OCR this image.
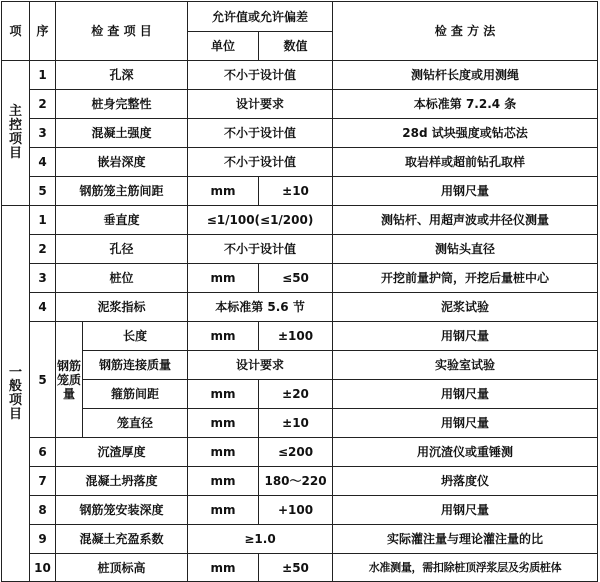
项	序	检 查 项 目		允许值或允许偏差		检 查 方 法
				单位	数值	
主控项目	1	孔深		不小于设计值		测钻杆长度或用测绳
	2	桩身完整性		设计要求		本标准第 7.2.4 条
	3	混凝土强度		不小于设计值		28d 试块强度或钻芯法
	4	嵌岩深度		不小于设计值		取岩样或超前钻孔取样
	5	钢筋笼主筋间距		mm	±10	用钢尺量
一般项目	1	垂直度		≤1/100(≤1/200)		测钻杆、用超声波或井径仪测量
	2	孔径		不小于设计值		测钻头直径
	3	桩位		mm	≤50	开挖前量护筒，开挖后量桩中心
	4	泥浆指标		本标准第 5.6 节		泥浆试验
	5	钢筋笼质量	长度	mm	±100	用钢尺量
			钢筋连接质量	设计要求		实验室试验
			箍筋间距	mm	±20	用钢尺量
			笼直径	mm	±10	用钢尺量
	6	沉渣厚度		mm	≤200	用沉渣仪或重锤测
	7	混凝土坍落度		mm	180～220	坍落度仪
	8	钢筋笼安装深度		mm	+100	用钢尺量
	9	混凝土充盈系数		≥1.0		实际灌注量与理论灌注量的比
	10	桩顶标高		mm	±50	水准测量，需扣除桩顶浮浆层及劣质桩体
